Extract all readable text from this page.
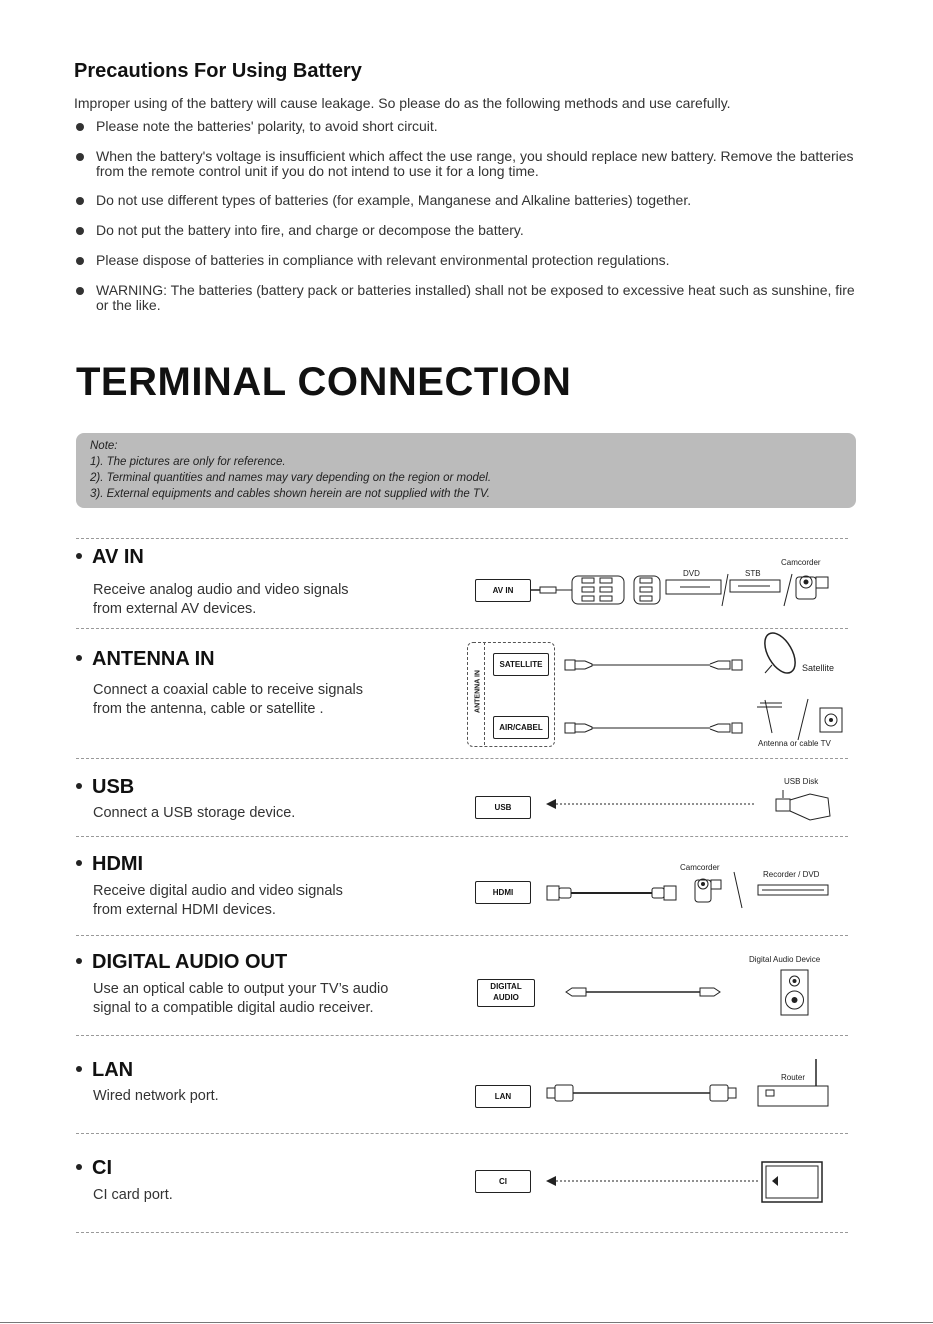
Precautions For Using Battery
Improper using of the battery will cause leakage. So please do as the following methods and use carefully.
Please note the batteries' polarity, to avoid short circuit.
When the battery's voltage is insufficient which affect the use range, you should replace new battery. Remove the batteries from the remote control unit if you do not intend to use it for a long time.
Do not use different types of batteries (for example, Manganese and Alkaline batteries) together.
Do not put the battery into fire, and charge or decompose the battery.
Please dispose of batteries in compliance with relevant environmental protection regulations.
WARNING: The batteries (battery pack or batteries installed) shall not be exposed to excessive heat such as sunshine, fire or the like.
TERMINAL CONNECTION
Note:
1). The pictures are only for reference.
2). Terminal quantities and names may vary depending on the region or model.
3). External equipments and cables shown herein are not supplied with the TV.
AV IN
Receive analog audio and video signals
from external AV devices.
AV IN
DVD	STB
Camcorder
ANTENNA IN
Connect a coaxial cable to receive signals
from the antenna, cable or satellite .	ANTENNA IN
SATELLITE
AIR/CABEL
Satellite
Antenna or cable TV
USB
Connect a USB storage device.	USB
USB Disk
HDMI
Receive digital audio and video signals
from external HDMI devices.
HDMI
Camcorder
Recorder / DVD
DIGITAL AUDIO OUT
Use an optical cable to output your TV’s audio
signal to a compatible digital audio receiver.
DIGITAL
AUDIO
Digital Audio Device
LAN
Wired network port.	LAN
Router
CI
CI card port.
CI
